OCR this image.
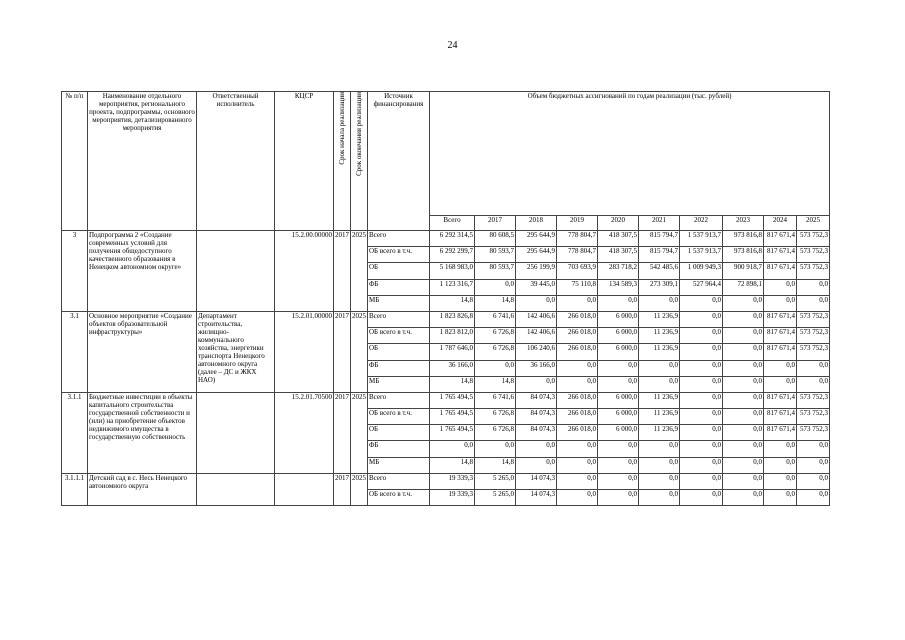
24
№ п/п	Наименование отдельного мероприятия, регионального проекта, подпрограммы, основного мероприятия, детализированного мероприятия	Ответственный исполнитель	КЦСР	Срок начала реализации	Срок окончания реализации	Источник финансирования	Объем бюджетных ассигнований по годам реализации (тыс. рублей)									
							Всего	2017	2018	2019	2020	2021	2022	2023	2024	2025
3	Подпрограмма 2 «Создание современных условий для получения общедоступного качественного образования в Ненецком автономном округе»		15.2.00.00000	2017	2025	Всего	6 292 314,5	80 608,5	295 644,9	778 804,7	418 307,5	815 794,7	1 537 913,7	973 816,8	817 671,4	573 752,3
						ОБ всего в т.ч.	6 292 299,7	80 593,7	295 644,9	778 804,7	418 307,5	815 794,7	1 537 913,7	973 816,8	817 671,4	573 752,3
						ОБ	5 168 983,0	80 593,7	256 199,9	703 693,9	283 718,2	542 485,6	1 009 949,3	900 918,7	817 671,4	573 752,3
						ФБ	1 123 316,7	0,0	39 445,0	75 110,8	134 589,3	273 309,1	527 964,4	72 898,1	0,0	0,0
						МБ	14,8	14,8	0,0	0,0	0,0	0,0	0,0	0,0	0,0	0,0
3.1	Основное мероприятие «Создание объектов образовательной инфраструктуры»	Департамент строительства, жилищно-коммунального хозяйства, энергетики транспорта Ненецкого автономного округа (далее – ДС и ЖКХ НАО)	15.2.01.00000	2017	2025	Всего	1 823 826,8	6 741,6	142 406,6	266 018,0	6 000,0	11 236,9	0,0	0,0	817 671,4	573 752,3
						ОБ всего в т.ч.	1 823 812,0	6 726,8	142 406,6	266 018,0	6 000,0	11 236,9	0,0	0,0	817 671,4	573 752,3
						ОБ	1 787 646,0	6 726,8	106 240,6	266 018,0	6 000,0	11 236,9	0,0	0,0	817 671,4	573 752,3
						ФБ	36 166,0	0,0	36 166,0	0,0	0,0	0,0	0,0	0,0	0,0	0,0
						МБ	14,8	14,8	0,0	0,0	0,0	0,0	0,0	0,0	0,0	0,0
3.1.1	Бюджетные инвестиции в объекты капитального строительства государственной собственности и (или) на приобретение объектов недвижимого имущества в государственную собственность		15.2.01.70500	2017	2025	Всего	1 765 494,5	6 741,6	84 074,3	266 018,0	6 000,0	11 236,9	0,0	0,0	817 671,4	573 752,3
						ОБ всего в т.ч.	1 765 494,5	6 726,8	84 074,3	266 018,0	6 000,0	11 236,9	0,0	0,0	817 671,4	573 752,3
						ОБ	1 765 494,5	6 726,8	84 074,3	266 018,0	6 000,0	11 236,9	0,0	0,0	817 671,4	573 752,3
						ФБ	0,0	0,0	0,0	0,0	0,0	0,0	0,0	0,0	0,0	0,0
						МБ	14,8	14,8	0,0	0,0	0,0	0,0	0,0	0,0	0,0	0,0
3.1.1.1	Детский сад в с. Несь Ненецкого автономного округа			2017	2025	Всего	19 339,3	5 265,0	14 074,3	0,0	0,0	0,0	0,0	0,0	0,0	0,0
						ОБ всего в т.ч.	19 339,3	5 265,0	14 074,3	0,0	0,0	0,0	0,0	0,0	0,0	0,0
